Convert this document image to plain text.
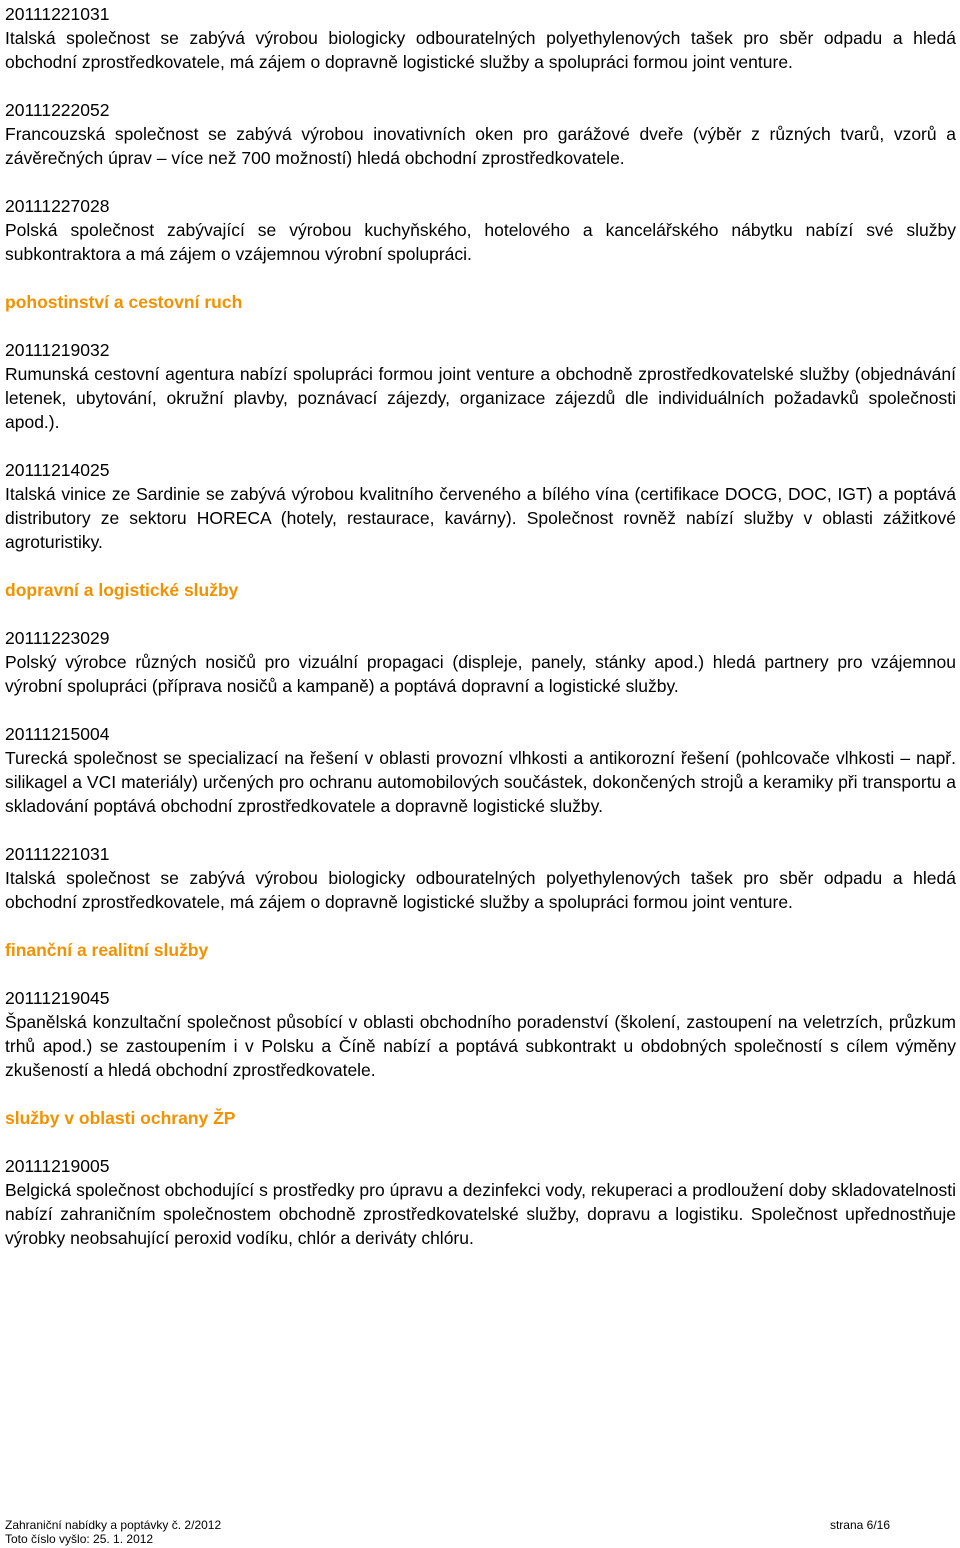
20111221031
Italská společnost se zabývá výrobou biologicky odbouratelných polyethylenových tašek pro sběr odpadu a hledá obchodní zprostředkovatele, má zájem o dopravně logistické služby a spolupráci formou joint venture.
20111222052
Francouzská společnost se zabývá výrobou inovativních oken pro garážové dveře (výběr z různých tvarů, vzorů a závěrečných úprav – více než 700 možností) hledá obchodní zprostředkovatele.
20111227028
Polská společnost zabývající se výrobou kuchyňského, hotelového a kancelářského nábytku nabízí své služby subkontraktora a má zájem o vzájemnou výrobní spolupráci.
pohostinství a cestovní ruch
20111219032
Rumunská cestovní agentura nabízí spolupráci formou joint venture a obchodně zprostředkovatelské služby (objednávání letenek, ubytování, okružní plavby, poznávací zájezdy, organizace zájezdů dle individuálních požadavků společnosti apod.).
20111214025
Italská vinice ze Sardinie se zabývá výrobou kvalitního červeného a bílého vína (certifikace DOCG, DOC, IGT) a poptává distributory ze sektoru HORECA (hotely, restaurace, kavárny). Společnost rovněž nabízí služby v oblasti zážitkové agroturistiky.
dopravní a logistické služby
20111223029
Polský výrobce různých nosičů pro vizuální propagaci (displeje, panely, stánky apod.) hledá partnery pro vzájemnou výrobní spolupráci (příprava nosičů a kampaně) a poptává dopravní a logistické služby.
20111215004
Turecká společnost se specializací na řešení v oblasti provozní vlhkosti a antikorozní řešení (pohlcovače vlhkosti – např. silikagel a VCI materiály) určených pro ochranu automobilových součástek, dokončených strojů a keramiky při transportu a skladování poptává obchodní zprostředkovatele a dopravně logistické služby.
20111221031
Italská společnost se zabývá výrobou biologicky odbouratelných polyethylenových tašek pro sběr odpadu a hledá obchodní zprostředkovatele, má zájem o dopravně logistické služby a spolupráci formou joint venture.
finanční a realitní služby
20111219045
Španělská konzultační společnost působící v oblasti obchodního poradenství (školení, zastoupení na veletrzích, průzkum trhů apod.) se zastoupením i v Polsku a Číně nabízí a poptává subkontrakt u obdobných společností s cílem výměny zkušeností a hledá obchodní zprostředkovatele.
služby v oblasti ochrany ŽP
20111219005
Belgická společnost obchodující s prostředky pro úpravu a dezinfekci vody, rekuperaci a prodloužení doby skladovatelnosti nabízí zahraničním společnostem obchodně zprostředkovatelské služby, dopravu a logistiku. Společnost upřednostňuje výrobky neobsahující peroxid vodíku, chlór a deriváty chlóru.
Zahraniční nabídky a poptávky č. 2/2012	strana 6/16
Toto číslo vyšlo: 25. 1. 2012
